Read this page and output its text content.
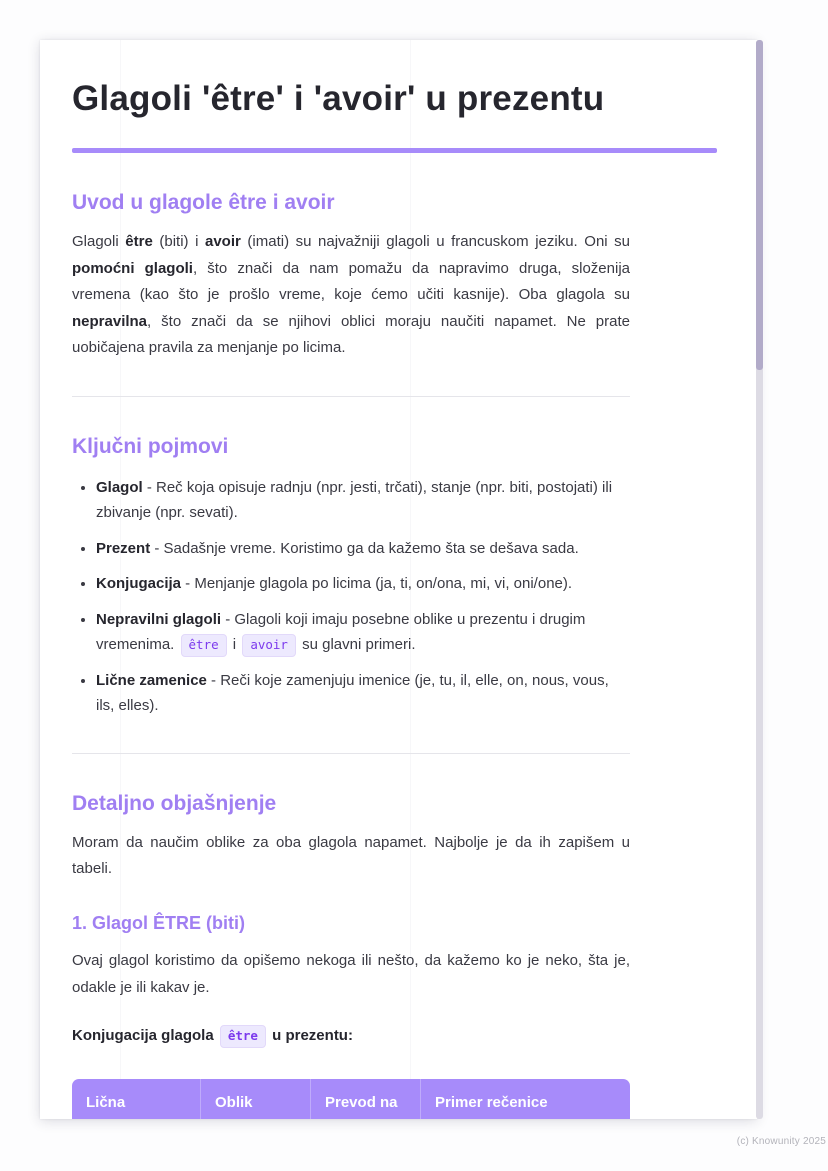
Glagoli 'être' i 'avoir' u prezentu
Uvod u glagole être i avoir

Glagoli être (biti) i avoir (imati) su najvažniji glagoli u francuskom jeziku. Oni su pomoćni glagoli, što znači da nam pomažu da napravimo druga, složenija vremena (kao što je prošlo vreme, koje ćemo učiti kasnije). Oba glagola su nepravilna, što znači da se njihovi oblici moraju naučiti napamet. Ne prate uobičajena pravila za menjanje po licima.

Ključni pojmovi
• Glagol - Reč koja opisuje radnju (npr. jesti, trčati), stanje (npr. biti, postojati) ili zbivanje (npr. sevati).
• Prezent - Sadašnje vreme. Koristimo ga da kažemo šta se dešava sada.
• Konjugacija - Menjanje glagola po licima (ja, ti, on/ona, mi, vi, oni/one).
• Nepravilni glagoli - Glagoli koji imaju posebne oblike u prezentu i drugim vremenima. être i avoir su glavni primeri.
• Lične zamenice - Reči koje zamenjuju imenice (je, tu, il, elle, on, nous, vous, ils, elles).
Detaljno objašnjenje

Moram da naučim oblike za oba glagola napamet. Najbolje je da ih zapišem u tabeli.

1. Glagol ÊTRE (biti)

Ovaj glagol koristimo da opišemo nekoga ili nešto, da kažemo ko je neko, šta je, odakle je ili kakav je.

Konjugacija glagola être u prezentu:

Lična	Oblik	Prevod na	Primer rečenice
(c) Knowunity 2025
